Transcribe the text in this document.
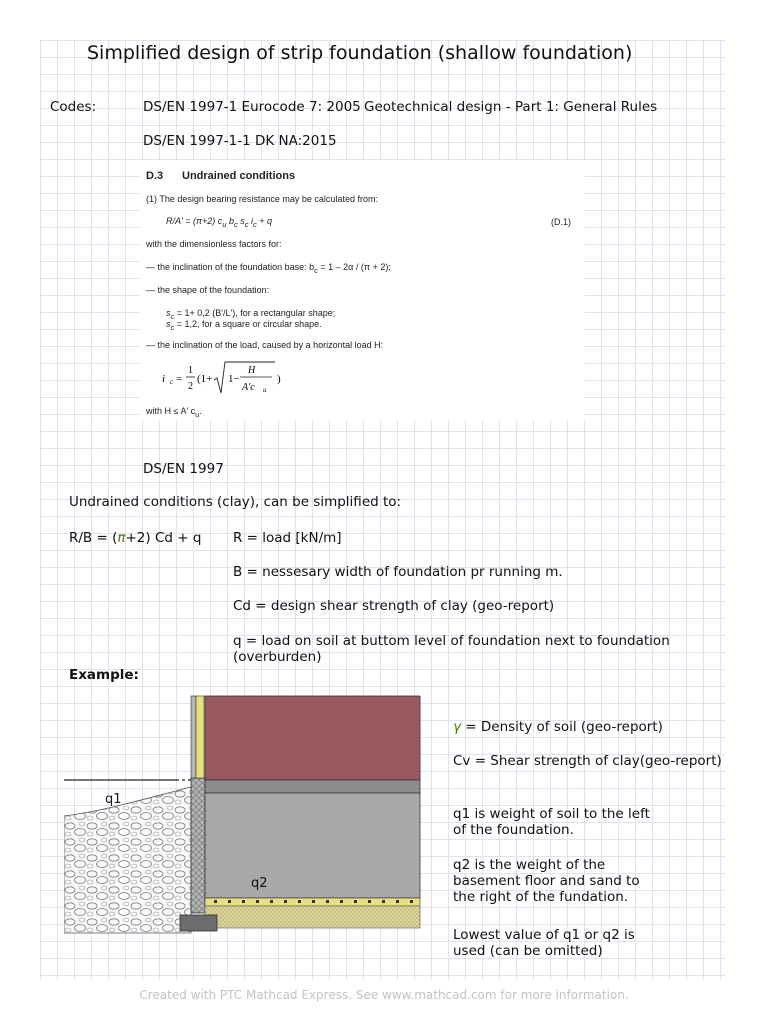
Simplified design of strip foundation (shallow foundation)
Codes:	DS/EN 1997-1 Eurocode 7: 2005 Geotechnical design - Part 1: General Rules
DS/EN 1997-1-1 DK NA:2015
D.3 Undrained conditions
(1) The design bearing resistance may be calculated from:
R/A' = (π+2) $c_u$ $b_c$ $s_c$ $i_c + q$	(D.1)
with the dimensionless factors for:
— the inclination of the foundation base: $b_c = 1 - 2\alpha / (\pi + 2)$;
— the shape of the foundation:
$s_c = 1+ 0,2$ (B'/L'), for a rectangular shape;
$s_c = 1,2$, for a square or circular shape.
— the inclination of the load, caused by a horizontal load H:
i c =
1
2
(1+ 1−
H
A'c u
)
with H ≤ A' $c_u$.
DS/EN 1997
Undrained conditions (clay), can be simplified to:
R/B = (π+2) Cd + q R = load [kN/m]
B = nessesary width of foundation pr running m.
Cd = design shear strength of clay (geo-report)
q = load on soil at buttom level of foundation next to foundation
(overburden)
Example:
q1
q2
γ = Density of soil (geo-report)
Cv = Shear strength of clay(geo-report)
q1 is weight of soil to the left
of the foundation.
q2 is the weight of the
basement floor and sand to
the right of the fundation.
Lowest value of q1 or q2 is
used (can be omitted)
Created with PTC Mathcad Express. See www.mathcad.com for more information.
